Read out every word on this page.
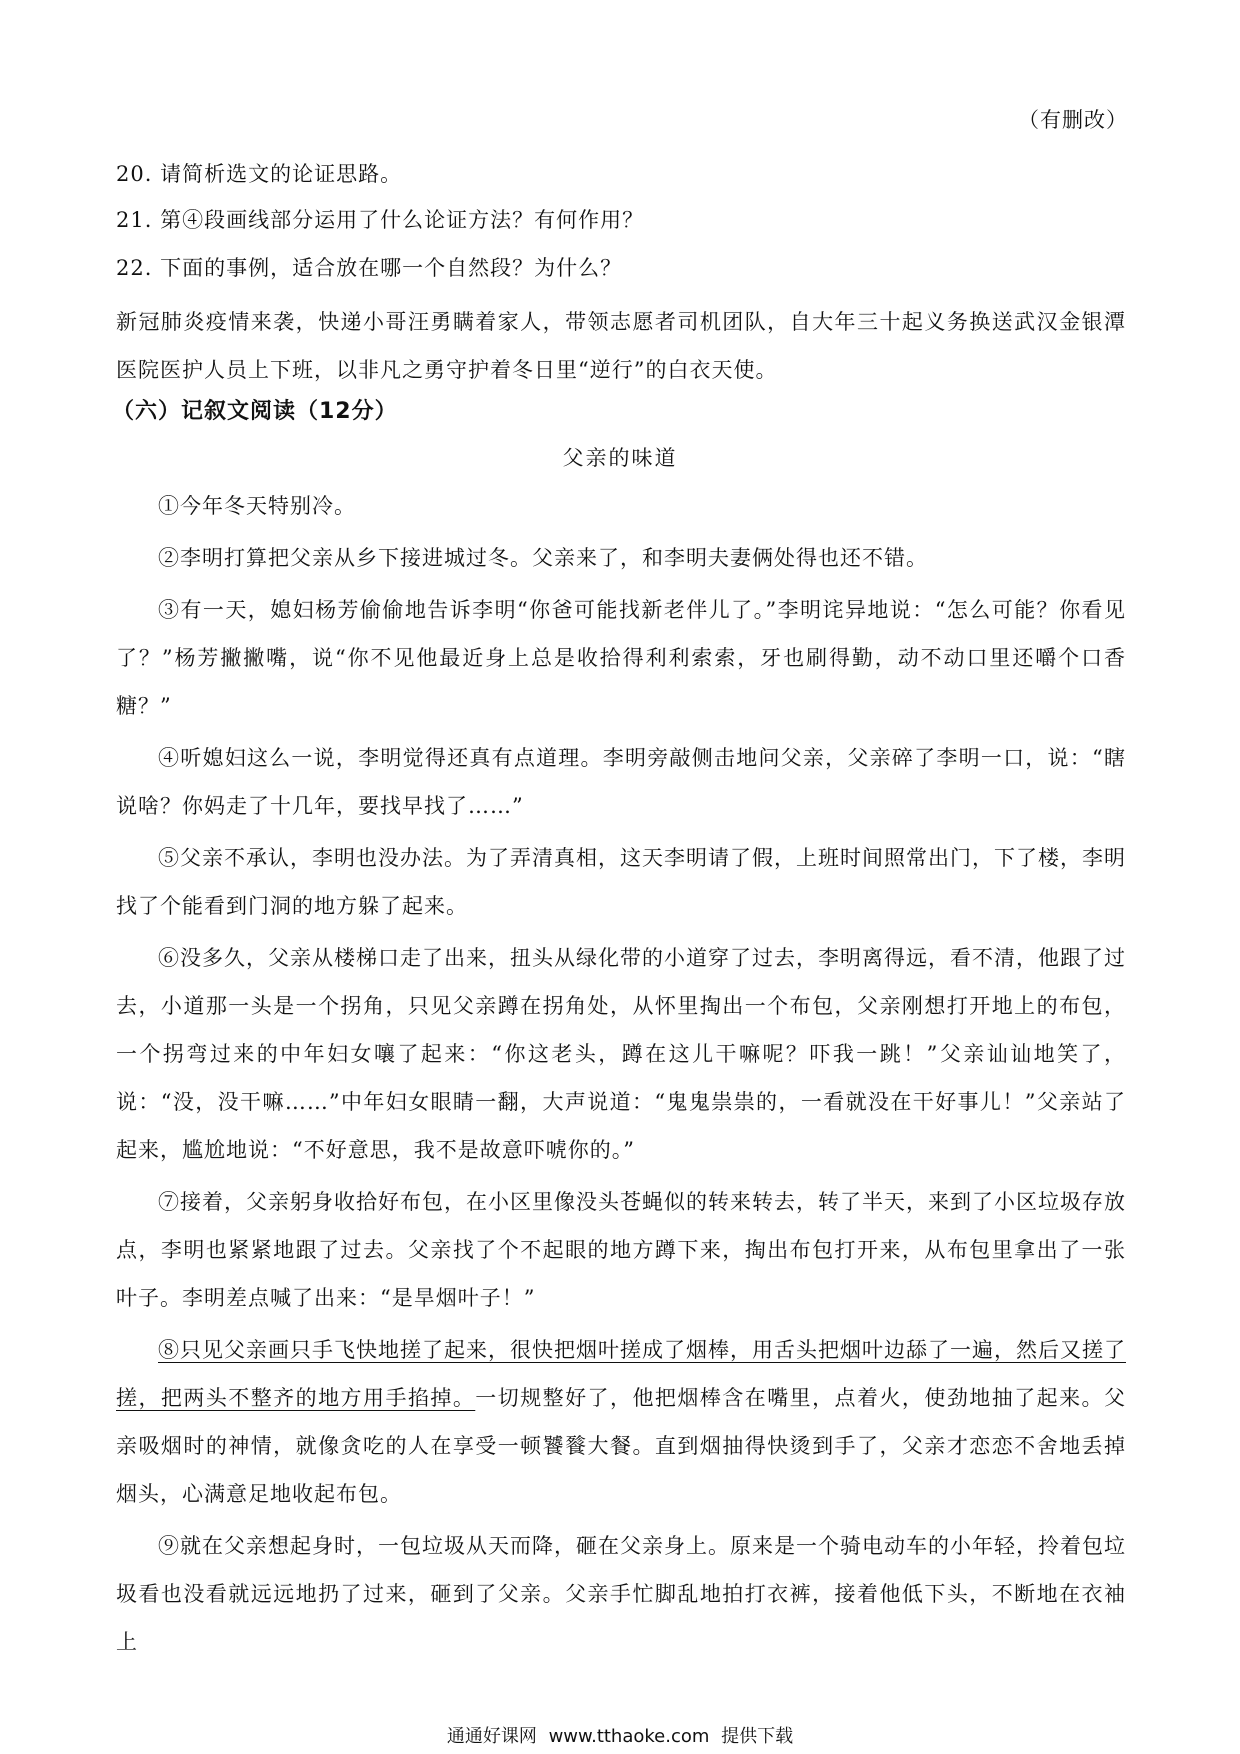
（有删改）
20. 请简析选文的论证思路。
21. 第④段画线部分运用了什么论证方法？有何作用？
22. 下面的事例，适合放在哪一个自然段？为什么？
新冠肺炎疫情来袭，快递小哥汪勇瞒着家人，带领志愿者司机团队，自大年三十起义务换送武汉金银潭医院医护人员上下班，以非凡之勇守护着冬日里“逆行”的白衣天使。
（六）记叙文阅读（12分）
父亲的味道

①今年冬天特别冷。

②李明打算把父亲从乡下接进城过冬。父亲来了，和李明夫妻俩处得也还不错。

③有一天，媳妇杨芳偷偷地告诉李明“你爸可能找新老伴儿了。”李明诧异地说：“怎么可能？你看见了？”杨芳撇撇嘴，说“你不见他最近身上总是收拾得利利索索，牙也刷得勤，动不动口里还嚼个口香糖？”

④听媳妇这么一说，李明觉得还真有点道理。李明旁敲侧击地问父亲，父亲碎了李明一口，说：“瞎说啥？你妈走了十几年，要找早找了……”

⑤父亲不承认，李明也没办法。为了弄清真相，这天李明请了假，上班时间照常出门，下了楼，李明找了个能看到门洞的地方躲了起来。

⑥没多久，父亲从楼梯口走了出来，扭头从绿化带的小道穿了过去，李明离得远，看不清，他跟了过去，小道那一头是一个拐角，只见父亲蹲在拐角处，从怀里掏出一个布包，父亲刚想打开地上的布包，一个拐弯过来的中年妇女嚷了起来：“你这老头，蹲在这儿干嘛呢？吓我一跳！”父亲讪讪地笑了，说：“没，没干嘛……”中年妇女眼睛一翻，大声说道：“鬼鬼祟祟的，一看就没在干好事儿！”父亲站了起来，尴尬地说：“不好意思，我不是故意吓唬你的。”

⑦接着，父亲躬身收拾好布包，在小区里像没头苍蝇似的转来转去，转了半天，来到了小区垃圾存放点，李明也紧紧地跟了过去。父亲找了个不起眼的地方蹲下来，掏出布包打开来，从布包里拿出了一张叶子。李明差点喊了出来：“是旱烟叶子！”

⑧只见父亲画只手飞快地搓了起来，很快把烟叶搓成了烟棒，用舌头把烟叶边舔了一遍，然后又搓了搓，把两头不整齐的地方用手掐掉。一切规整好了，他把烟棒含在嘴里，点着火，使劲地抽了起来。父亲吸烟时的神情，就像贪吃的人在享受一顿饕餮大餐。直到烟抽得快烫到手了，父亲才恋恋不舍地丢掉烟头，心满意足地收起布包。

⑨就在父亲想起身时，一包垃圾从天而降，砸在父亲身上。原来是一个骑电动车的小年轻，拎着包垃圾看也没看就远远地扔了过来，砸到了父亲。父亲手忙脚乱地拍打衣裤，接着他低下头，不断地在衣袖上

通通好课网 www.tthaoke.com 提供下载
